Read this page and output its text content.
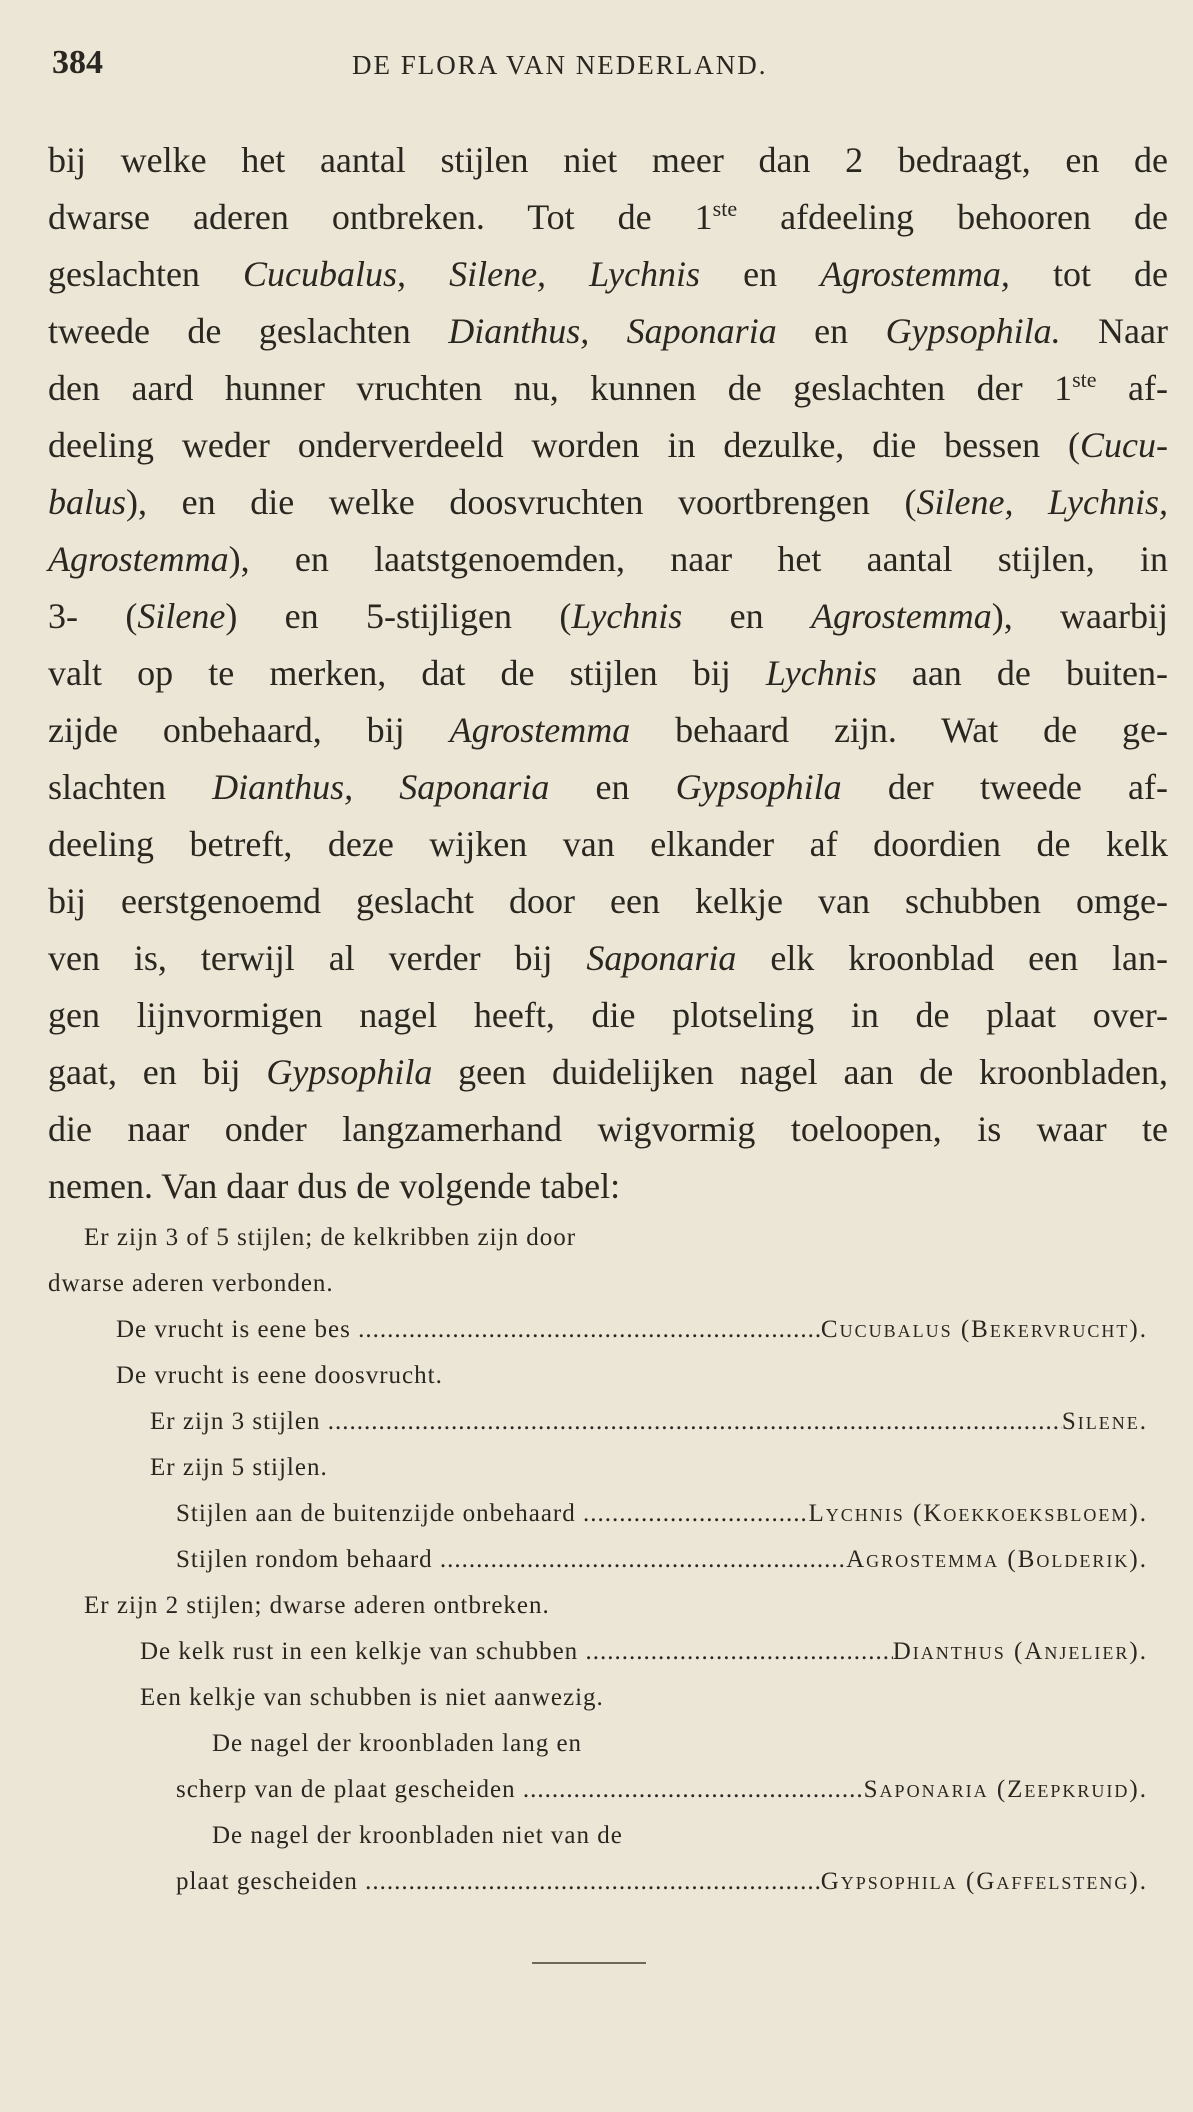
384	DE FLORA VAN NEDERLAND.
bij welke het aantal stijlen niet meer dan 2 bedraagt, en de
dwarse aderen ontbreken. Tot de 1ste afdeeling behooren de
geslachten Cucubalus, Silene, Lychnis en Agrostemma, tot de
tweede de geslachten Dianthus, Saponaria en Gypsophila. Naar
den aard hunner vruchten nu, kunnen de geslachten der 1ste af-
deeling weder onderverdeeld worden in dezulke, die bessen (Cucu-
balus), en die welke doosvruchten voortbrengen (Silene, Lychnis,
Agrostemma), en laatstgenoemden, naar het aantal stijlen, in
3- (Silene) en 5-stijligen (Lychnis en Agrostemma), waarbij
valt op te merken, dat de stijlen bij Lychnis aan de buiten-
zijde onbehaard, bij Agrostemma behaard zijn. Wat de ge-
slachten Dianthus, Saponaria en Gypsophila der tweede af-
deeling betreft, deze wijken van elkander af doordien de kelk
bij eerstgenoemd geslacht door een kelkje van schubben omge-
ven is, terwijl al verder bij Saponaria elk kroonblad een lan-
gen lijnvormigen nagel heeft, die plotseling in de plaat over-
gaat, en bij Gypsophila geen duidelijken nagel aan de kroonbladen,
die naar onder langzamerhand wigvormig toeloopen, is waar te
nemen. Van daar dus de volgende tabel:
Er zijn 3 of 5 stijlen; de kelkribben zijn door
dwarse aderen verbonden.
De vrucht is eene bes .....	Cucubalus (Bekervrucht).
De vrucht is eene doosvrucht.
Er zijn 3 stijlen .....	Silene.
Er zijn 5 stijlen.
Stijlen aan de buitenzijde onbehaard .....	Lychnis (Koekkoeksbloem).
Stijlen rondom behaard .....	Agrostemma (Bolderik).
Er zijn 2 stijlen; dwarse aderen ontbreken.
De kelk rust in een kelkje van schubben .....	Dianthus (Anjelier).
Een kelkje van schubben is niet aanwezig.
De nagel der kroonbladen lang en
scherp van de plaat gescheiden .....	Saponaria (Zeepkruid).
De nagel der kroonbladen niet van de
plaat gescheiden .....	Gypsophila (Gaffelsteng).
